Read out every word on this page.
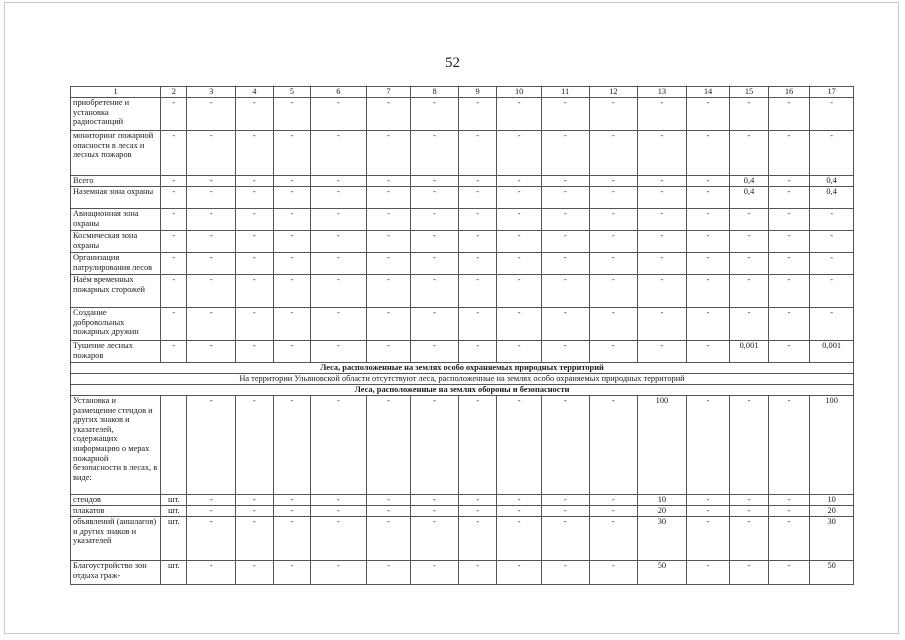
52
1	2	3	4	5	6	7	8	9	10	11	12	13	14	15	16	17
приобретение и установка радиостанций	-	-	-	-	-	-	-	-	-	-	-	-	-	-	-	-
мониторинг пожарной опасности в лесах и лесных пожаров	-	-	-	-	-	-	-	-	-	-	-	-	-	-	-	-
Всего	-	-	-	-	-	-	-	-	-	-	-	-	-	0,4	-	0,4
Наземная зона охраны	-	-	-	-	-	-	-	-	-	-	-	-	-	0,4	-	0,4
Авиационная зона охраны	-	-	-	-	-	-	-	-	-	-	-	-	-	-	-	-
Космическая зона охраны	-	-	-	-	-	-	-	-	-	-	-	-	-	-	-	-
Организация патрулирования лесов	-	-	-	-	-	-	-	-	-	-	-	-	-	-	-	-
Наём временных пожарных сторожей	-	-	-	-	-	-	-	-	-	-	-	-	-	-	-	-
Создание добровольных пожарных дружин	-	-	-	-	-	-	-	-	-	-	-	-	-	-	-	-
Тушение лесных пожаров	-	-	-	-	-	-	-	-	-	-	-	-	-	0,001	-	0,001
Леса, расположенные на землях особо охраняемых природных территорий																
На территории Ульяновской области отсутствуют леса, расположенные на землях особо охраняемых природных территорий																
Леса, расположенные на землях обороны и безопасности																
Установка и размещение стендов и других знаков и указателей, содержащих информацию о мерах пожарной безопасности в лесах, в виде:		-	-	-	-	-	-	-	-	-	-	100	-	-	-	100
стендов	шт.	-	-	-	-	-	-	-	-	-	-	10	-	-	-	10
плакатов	шт.	-	-	-	-	-	-	-	-	-	-	20	-	-	-	20
объявлений (аншлагов) и других знаков и указателей	шт.	-	-	-	-	-	-	-	-	-	-	30	-	-	-	30
Благоустройство зон отдыха граж-	шт.	-	-	-	-	-	-	-	-	-	-	50	-	-	-	50
